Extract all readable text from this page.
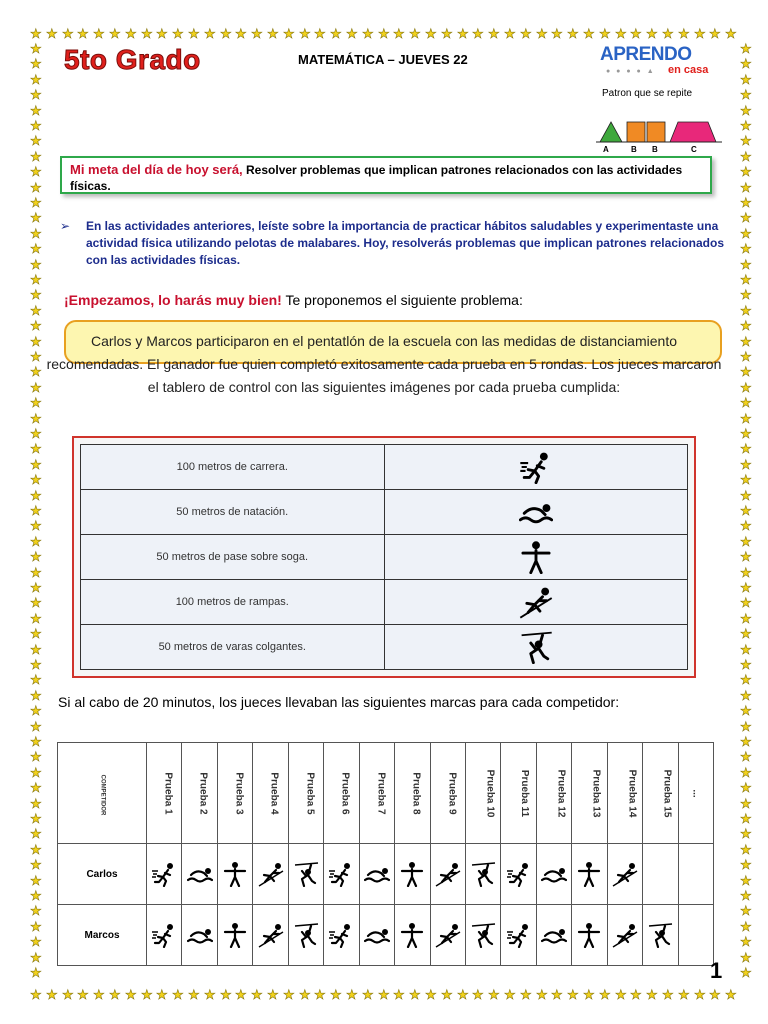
★
★
★
★
★
★
★
★
★
★
★
★
★
★
★
★
★
★
★
★
★
★
★
★
★
★
★
★
★
★
★
★
★
★
★
★
★
★
★
★
★
★
★
★
★
★
★
★
★
★
★
★
★
★
★
★
★
★
★
★
★
★
★
★
★
★
★
★
★
★
★
★
★
★
★
★
★
★
★
★
★
★
★
★
★
★
★
★
★
★
★	★
★	★
★	★
★	★
★	★
★	★
★	★
★	★
★	★
★	★
★	★
★	★
★	★
★	★
★	★
★	★
★	★
★	★
★	★
★	★
★	★
★	★
★	★
★	★
★	★
★	★
★	★
★	★
★	★
★	★
★	★
★	★
★	★
★	★
★	★
★	★
★	★
★	★
★	★
★	★
★	★
★	★
★	★
★	★
★	★
★	★
★	★
★	★
★	★
★	★
★	★
★	★
★	★
★	★
★	★
★	★
★	★
★	★
★	★
★	★
★	★
5to Grado	MATEMÁTICA – JUEVES 22	APRENDO
● ● ● ● ▲ en casa
Patron que se repite
A	B B	C
Mi meta del día de hoy será, Resolver problemas que implican patrones relacionados con las actividades físicas.
➢	En las actividades anteriores, leíste sobre la importancia de practicar hábitos saludables y experimentaste una actividad física utilizando pelotas de malabares. Hoy, resolverás problemas que implican patrones relacionados con las actividades físicas.
¡Empezamos, lo harás muy bien! Te proponemos el siguiente problema:
Carlos y Marcos participaron en el pentatlón de la escuela con las medidas de distanciamiento recomendadas. El ganador fue quien completó exitosamente cada prueba en 5 rondas. Los jueces marcaron el tablero de control con las siguientes imágenes por cada prueba cumplida:
100 metros de carrera.	

50 metros de natación.	

50 metros de pase sobre soga.	

100 metros de rampas.	

50 metros de varas colgantes.	
Si al cabo de 20 minutos, los jueces llevaban las siguientes marcas para cada competidor:
COMPETIDOR	Prueba 1	Prueba 2	Prueba 3	Prueba 4	Prueba 5	Prueba 6	Prueba 7	Prueba 8	Prueba 9	Prueba 10	Prueba 11	Prueba 12	Prueba 13	Prueba 14	Prueba 15	...
Carlos	

Marcos	

1
